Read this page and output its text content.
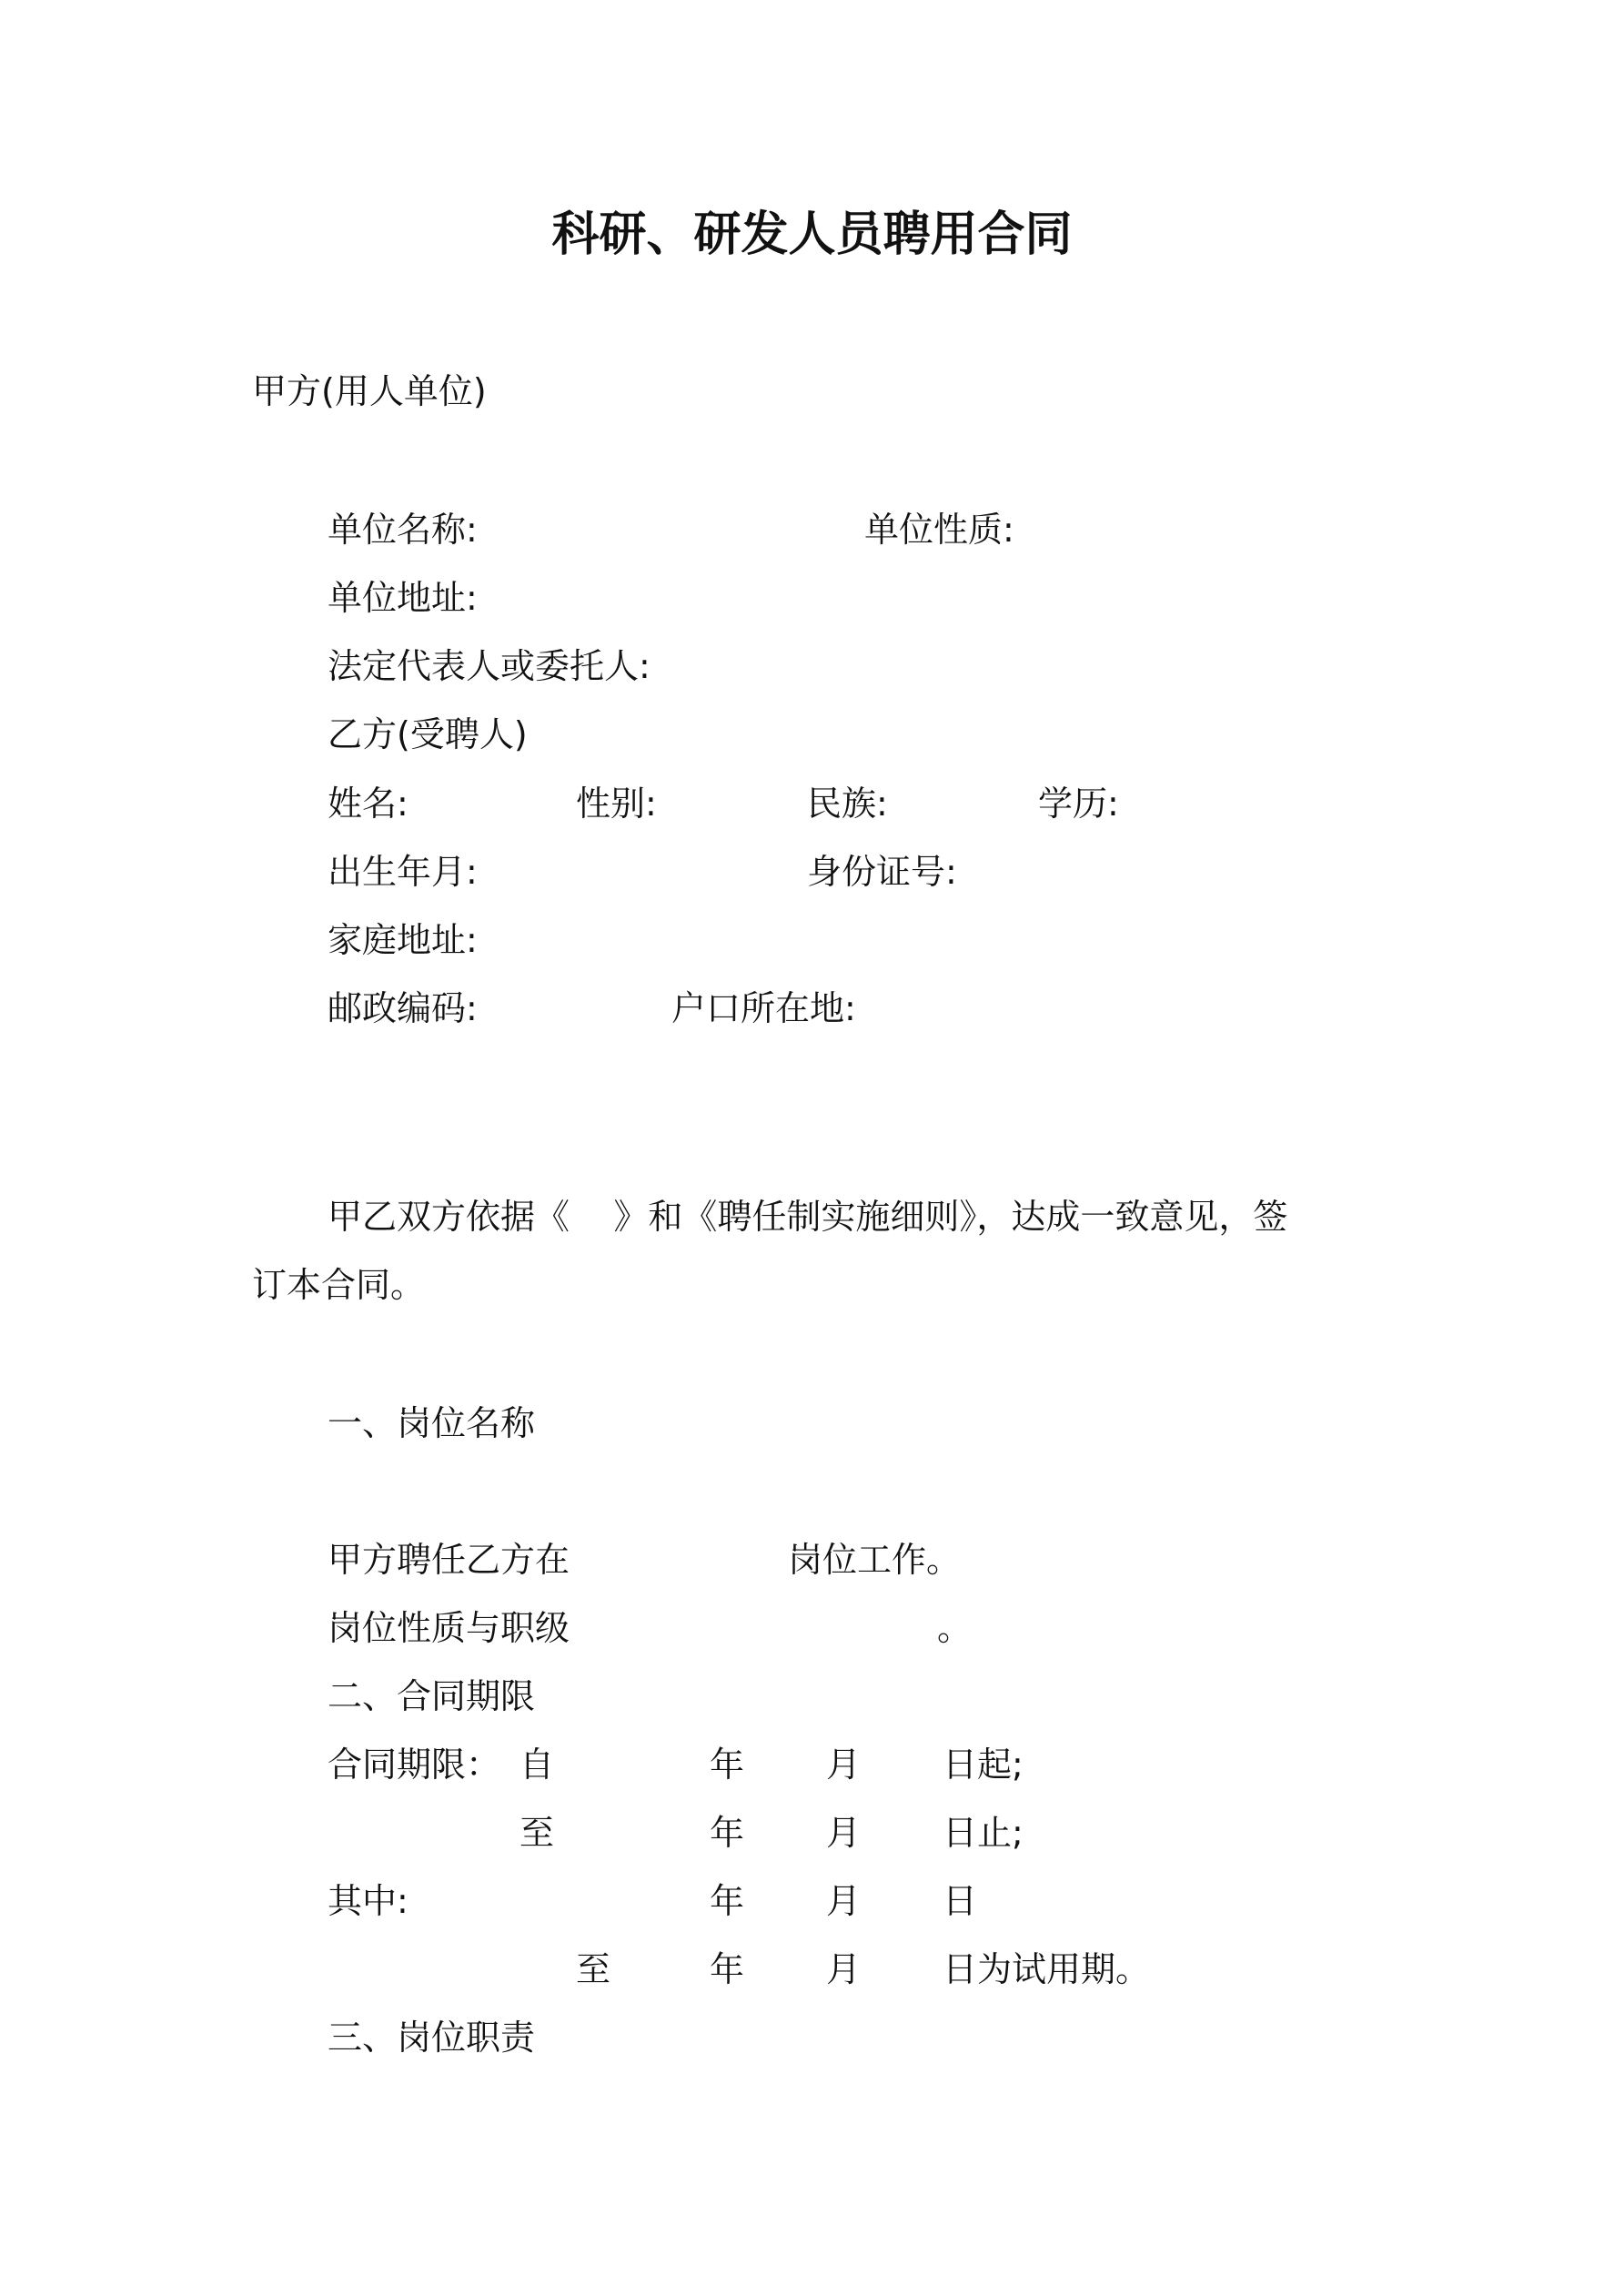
科研、研发人员聘用合同
甲方(用人单位)
单位名称:	单位性质:
单位地址:
法定代表人或委托人:
乙方(受聘人)
姓名:	性别:	民族:	学历:
出生年月:	身份证号:
家庭地址:
邮政编码:	户口所在地:
甲乙双方依据《    》和《聘任制实施细则》，达成一致意见，签
订本合同。
一、岗位名称
甲方聘任乙方在	岗位工作。
岗位性质与职级	。
二、合同期限
合同期限： 自	年 月 日起;
至	年 月 日止;
其中:	年 月 日
至	年 月 日为试用期。
三、岗位职责
